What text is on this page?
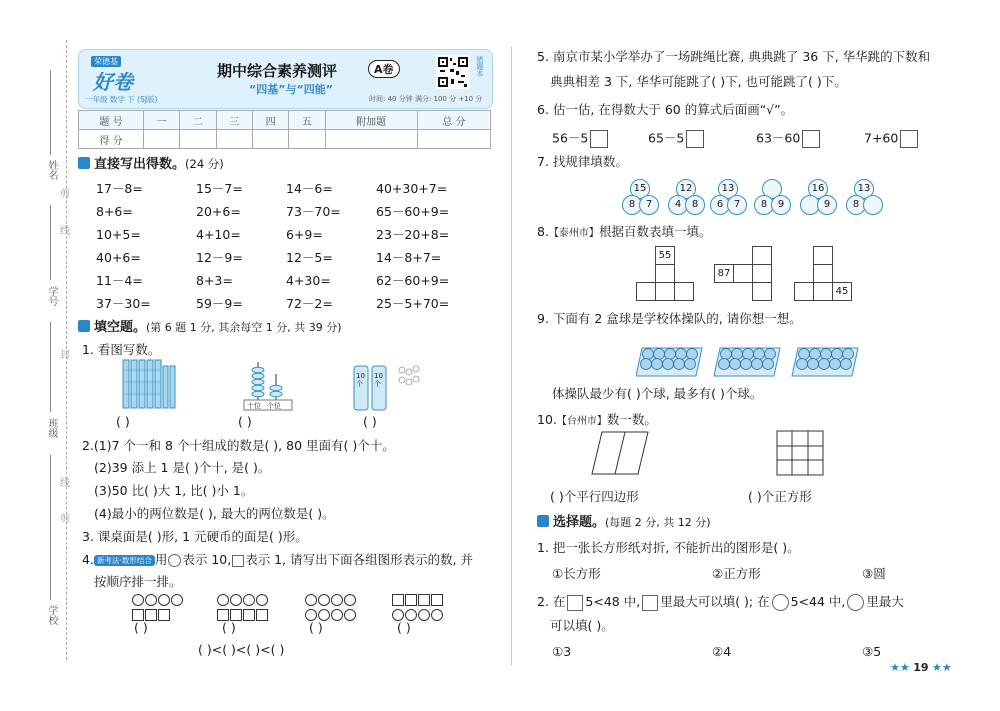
姓名
剪
线
学号
封
班级
线
剪
学校
荣德基
好卷
一年级 数学 下 (SJ版)
期中综合素养测评	A卷
“四基”与“四能”
时间: 40 分钟 满分: 100 分 +10 分
错题本
题 号	一	二	三	四	五	附加题	总 分
得 分							
直接写出得数。(24 分)
17－8=	15－7=	14－6=	40+30+7=
8+6=	20+6=	73－70=	65－60+9=
10+5=	4+10=	6+9=	23－20+8=
40+6=	12－9=	12－5=	14－8+7=
11－4=	8+3=	4+30=	62－60+9=
37－30=	59－9=	72－2=	25－5+70=
填空题。(第 6 题 1 分, 其余每空 1 分, 共 39 分)
1. 看图写数。
十位 个位
10 个
10 个
( )	( )	( )
2.(1)7 个一和 8 个十组成的数是( ), 80 里面有( )个十。
(2)39 添上 1 是( )个十, 是( )。
(3)50 比( )大 1, 比( )小 1。
(4)最小的两位数是( ), 最大的两位数是( )。
3. 课桌面是( )形, 1 元硬币的面是( )形。
4. 新考法·数形结合 用 表示 10, 表示 1, 请写出下面各组图形表示的数, 并
按顺序排一排。
( )	( )	( )	( )
( )<( )<( )<( )
5. 南京市某小学举办了一场跳绳比赛, 典典跳了 36 下, 华华跳的下数和
典典相差 3 下, 华华可能跳了( )下, 也可能跳了( )下。
6. 估一估, 在得数大于 60 的算式后面画“√”。
56－5	65－5	63－60	7+60
7. 找规律填数。
15
8	7
12
4	8
13
6	7	8	9
16
9
13
8
8.【泰州市】根据百数表填一填。
55
87
45
9. 下面有 2 盒球是学校体操队的, 请你想一想。
体操队最少有( )个球, 最多有( )个球。
10.【台州市】数一数。
( )个平行四边形	( )个正方形
选择题。(每题 2 分, 共 12 分)
1. 把一张长方形纸对折, 不能折出的图形是( )。
①长方形	②正方形	③圆
2. 在 5<48 中, 里最大可以填( ); 在 5<44 中, 里最大
可以填( )。
①3	②4	③5
★★ 19 ★★
